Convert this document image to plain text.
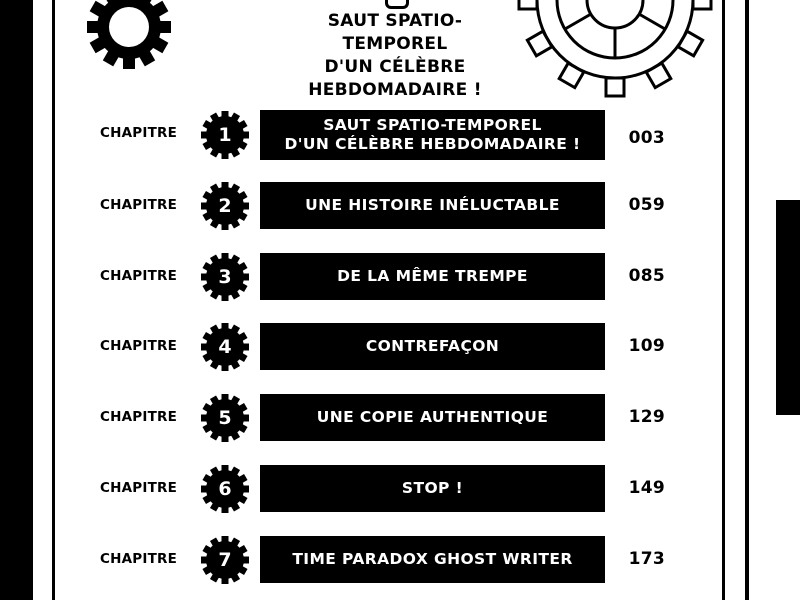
SAUT SPATIO-
TEMPOREL
D'UN CÉLÈBRE
HEBDOMADAIRE !
CHAPITRE	1	SAUT SPATIO-TEMPOREL
D'UN CÉLÈBRE HEBDOMADAIRE !	003
CHAPITRE	2	UNE HISTOIRE INÉLUCTABLE	059
CHAPITRE	3	DE LA MÊME TREMPE	085
CHAPITRE	4	CONTREFAÇON	109
CHAPITRE	5	UNE COPIE AUTHENTIQUE	129
CHAPITRE	6	STOP !	149
CHAPITRE	7	TIME PARADOX GHOST WRITER	173
